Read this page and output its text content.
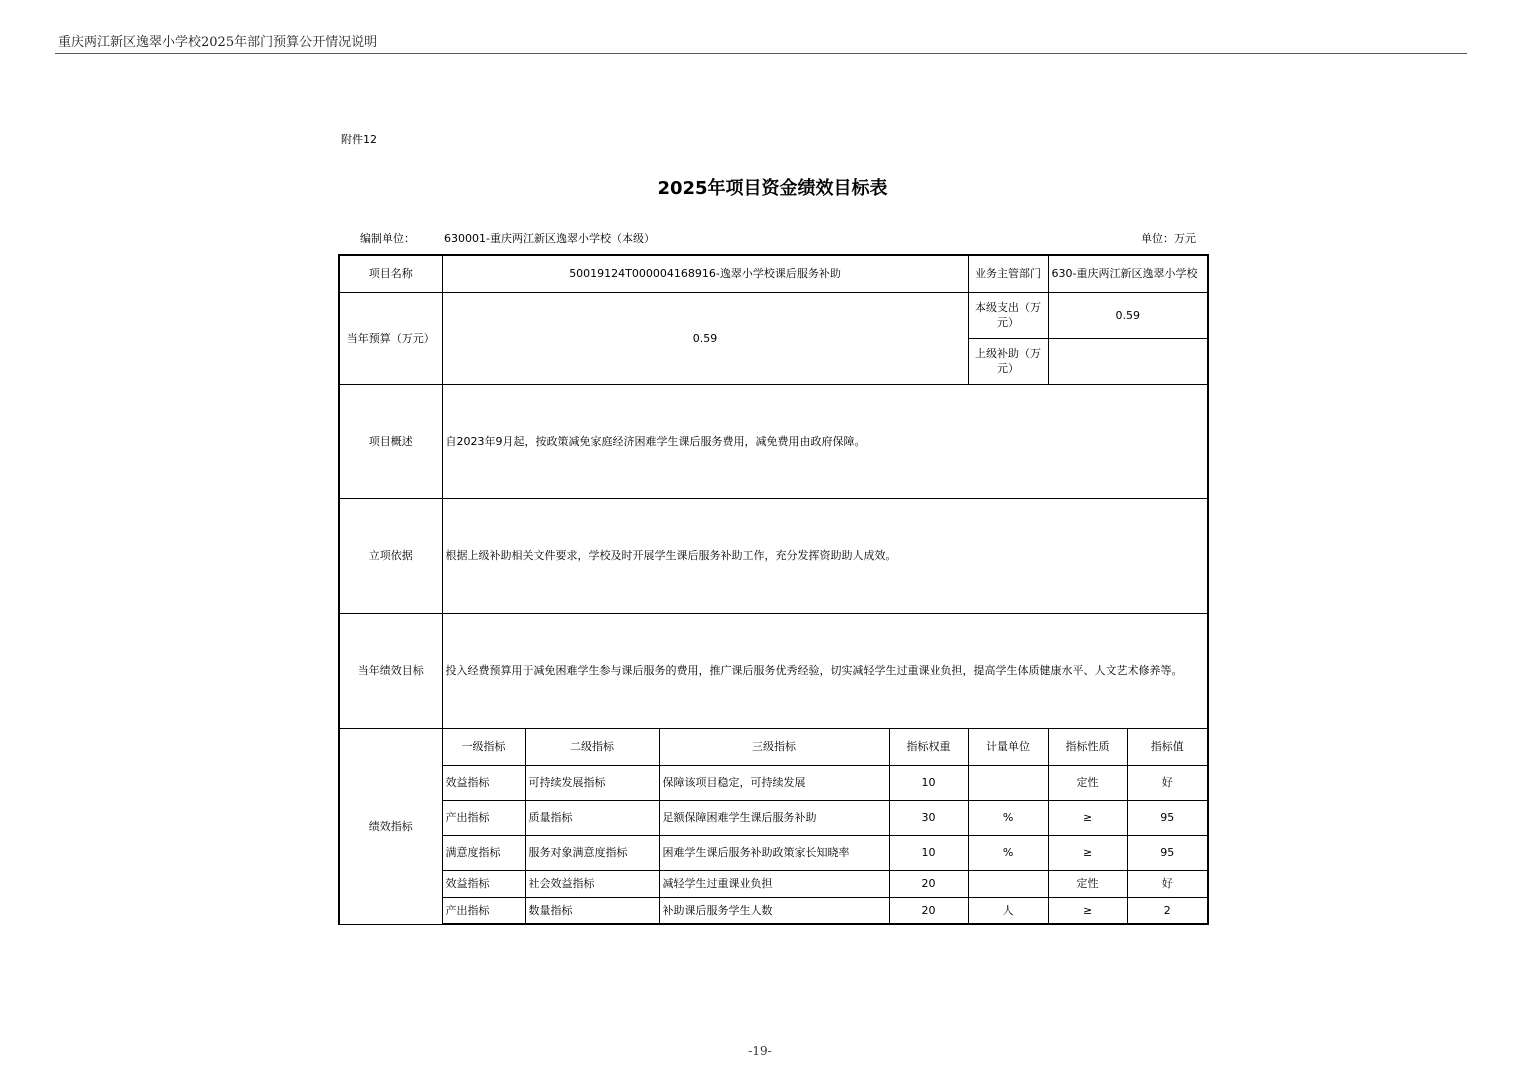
重庆两江新区逸翠小学校2025年部门预算公开情况说明
附件12
2025年项目资金绩效目标表
编制单位：	630001-重庆两江新区逸翠小学校（本级）	单位：万元
项目名称	50019124T000004168916-逸翠小学校课后服务补助				业务主管部门	630-重庆两江新区逸翠小学校	
当年预算（万元）	0.59				本级支出（万元）	0.59	
					上级补助（万元）		
项目概述	自2023年9月起，按政策减免家庭经济困难学生课后服务费用，减免费用由政府保障。						
立项依据	根据上级补助相关文件要求，学校及时开展学生课后服务补助工作，充分发挥资助助人成效。						
当年绩效目标	投入经费预算用于减免困难学生参与课后服务的费用，推广课后服务优秀经验，切实减轻学生过重课业负担，提高学生体质健康水平、人文艺术修养等。						
绩效指标	一级指标	二级指标	三级指标	指标权重	计量单位	指标性质	指标值
	效益指标	可持续发展指标	保障该项目稳定，可持续发展	10		定性	好
	产出指标	质量指标	足额保障困难学生课后服务补助	30	%	≥	95
	满意度指标	服务对象满意度指标	困难学生课后服务补助政策家长知晓率	10	%	≥	95
	效益指标	社会效益指标	减轻学生过重课业负担	20		定性	好
	产出指标	数量指标	补助课后服务学生人数	20	人	≥	2
-19-
